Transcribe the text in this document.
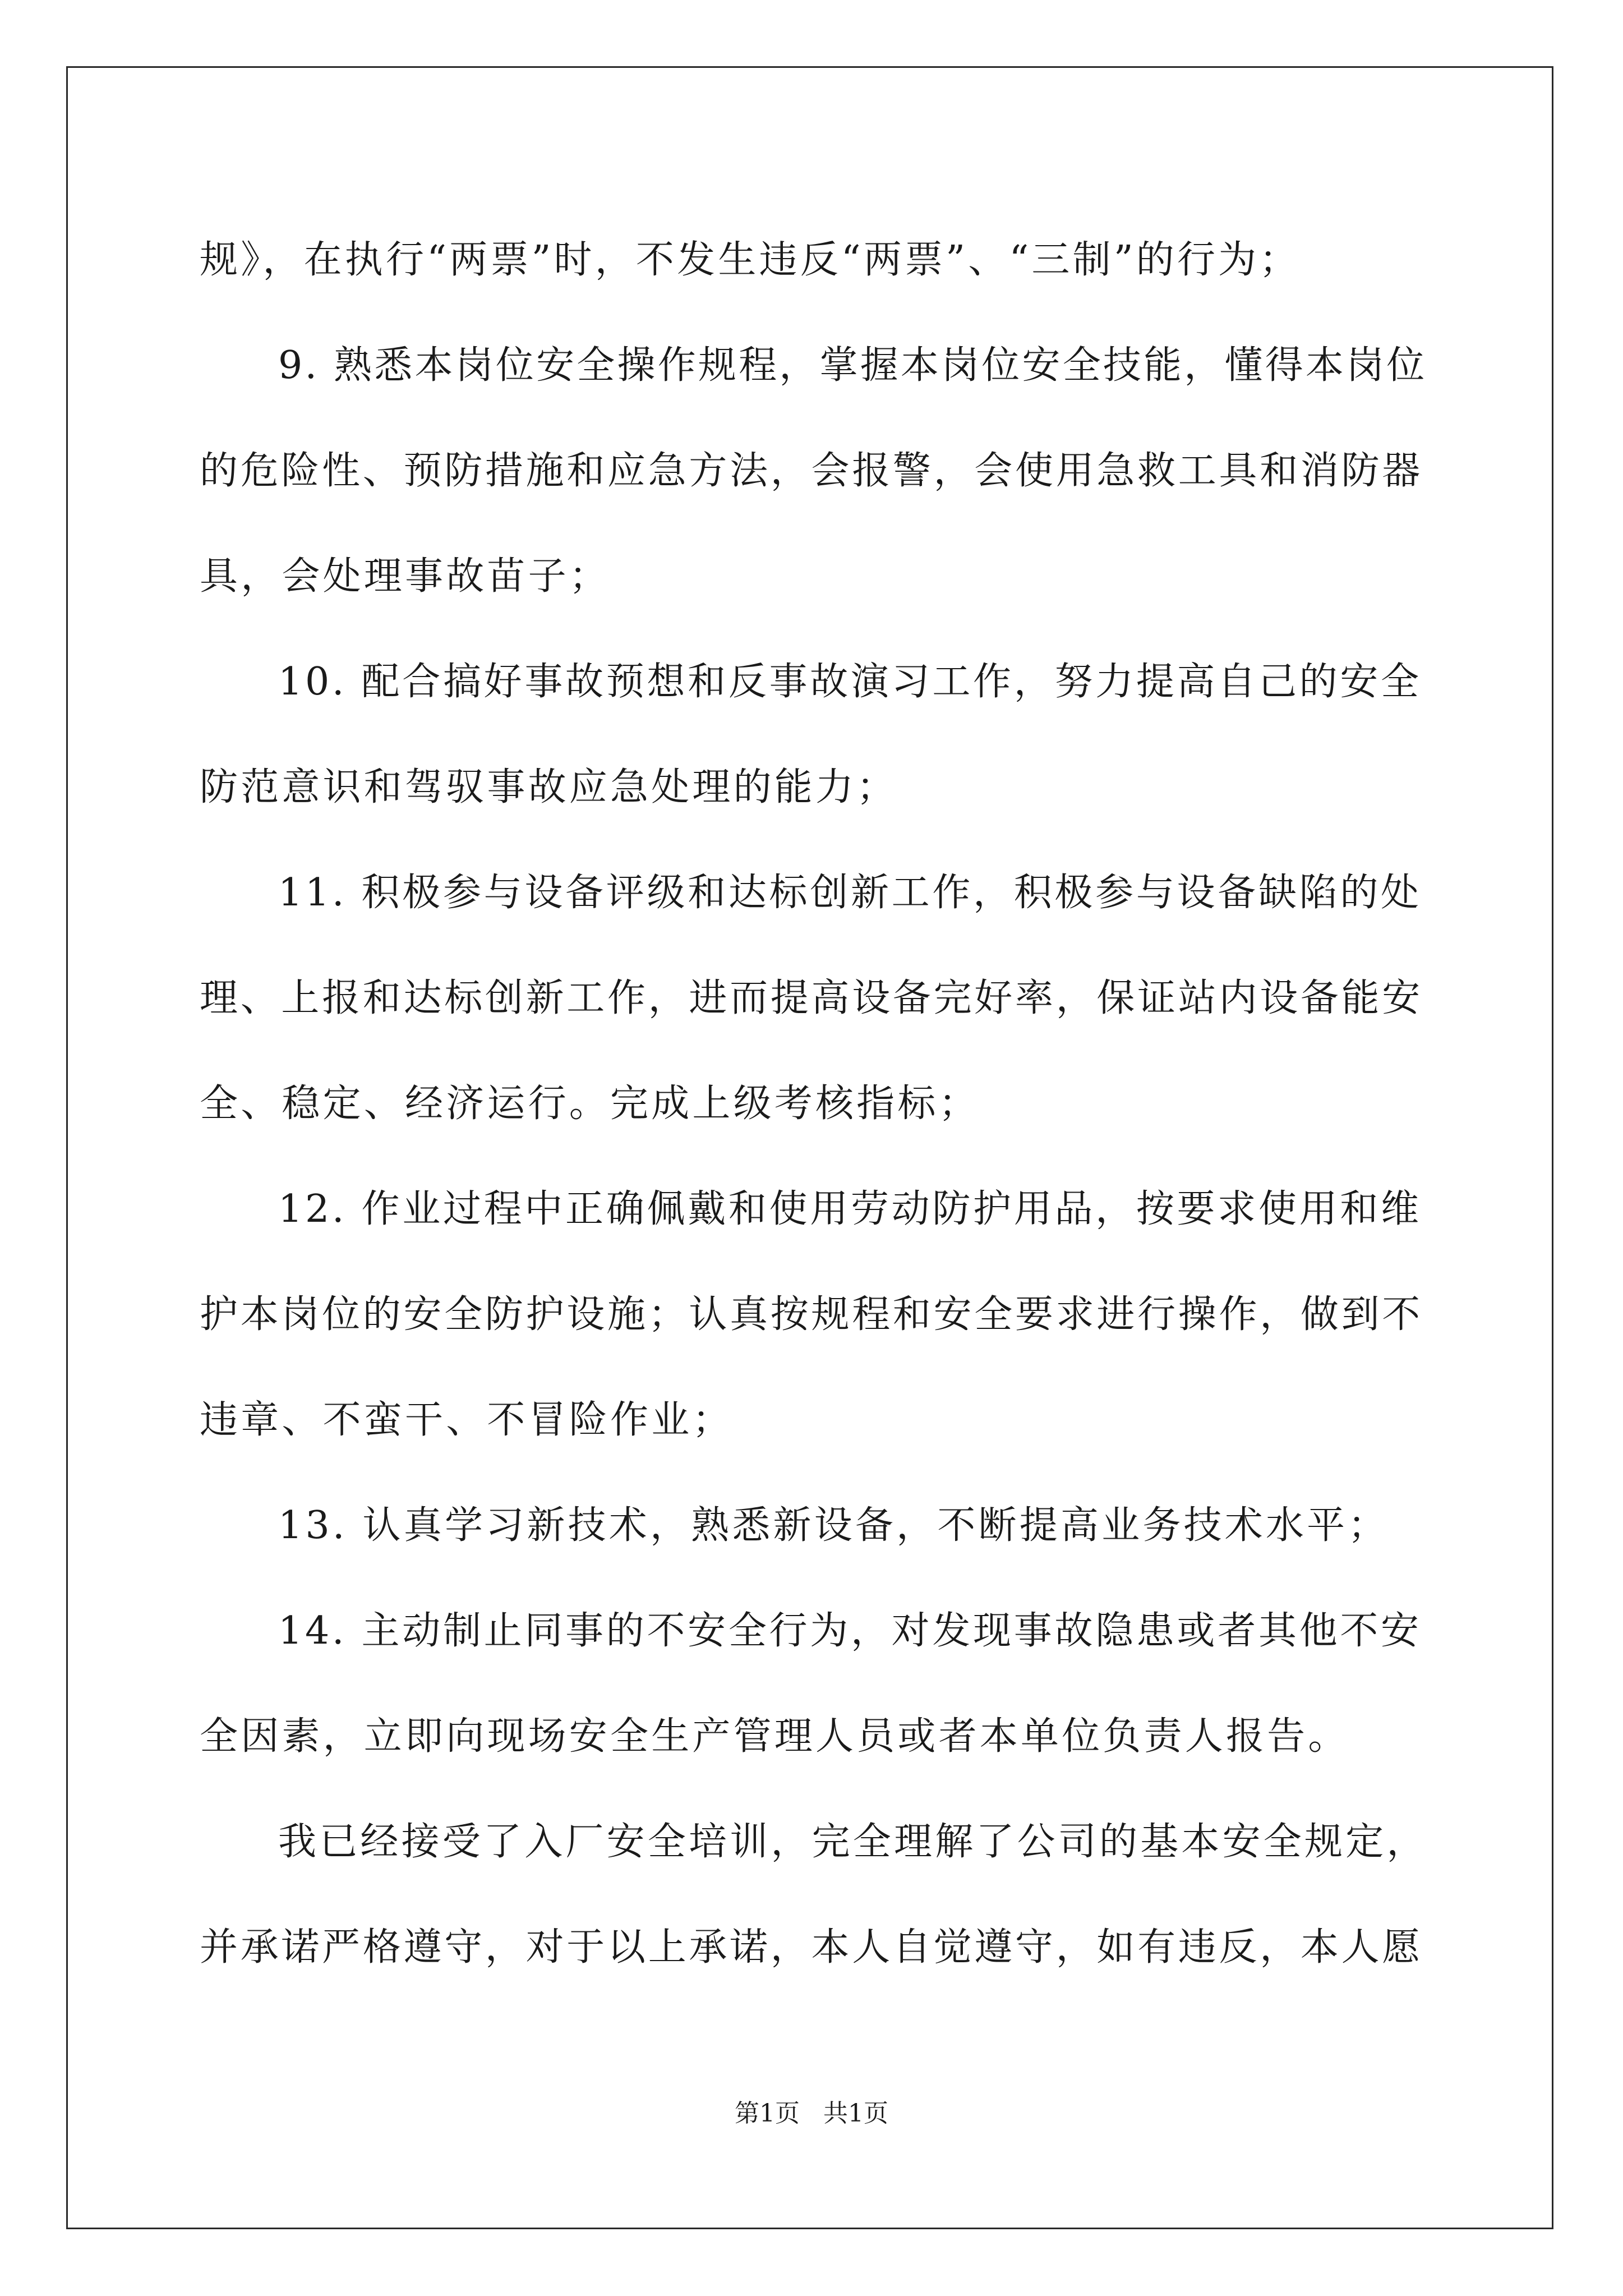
规》，在执行“两票”时，不发生违反“两票”、“三制”的行为；
9. 熟悉本岗位安全操作规程，掌握本岗位安全技能，懂得本岗位
的危险性、预防措施和应急方法，会报警，会使用急救工具和消防器
具，会处理事故苗子；
10. 配合搞好事故预想和反事故演习工作，努力提高自己的安全
防范意识和驾驭事故应急处理的能力；
11. 积极参与设备评级和达标创新工作，积极参与设备缺陷的处
理、上报和达标创新工作，进而提高设备完好率，保证站内设备能安
全、稳定、经济运行。完成上级考核指标；
12. 作业过程中正确佩戴和使用劳动防护用品，按要求使用和维
护本岗位的安全防护设施；认真按规程和安全要求进行操作，做到不
违章、不蛮干、不冒险作业；
13. 认真学习新技术，熟悉新设备，不断提高业务技术水平；
14. 主动制止同事的不安全行为，对发现事故隐患或者其他不安
全因素，立即向现场安全生产管理人员或者本单位负责人报告。
我已经接受了入厂安全培训，完全理解了公司的基本安全规定，
并承诺严格遵守，对于以上承诺，本人自觉遵守，如有违反，本人愿
第1页   共1页
